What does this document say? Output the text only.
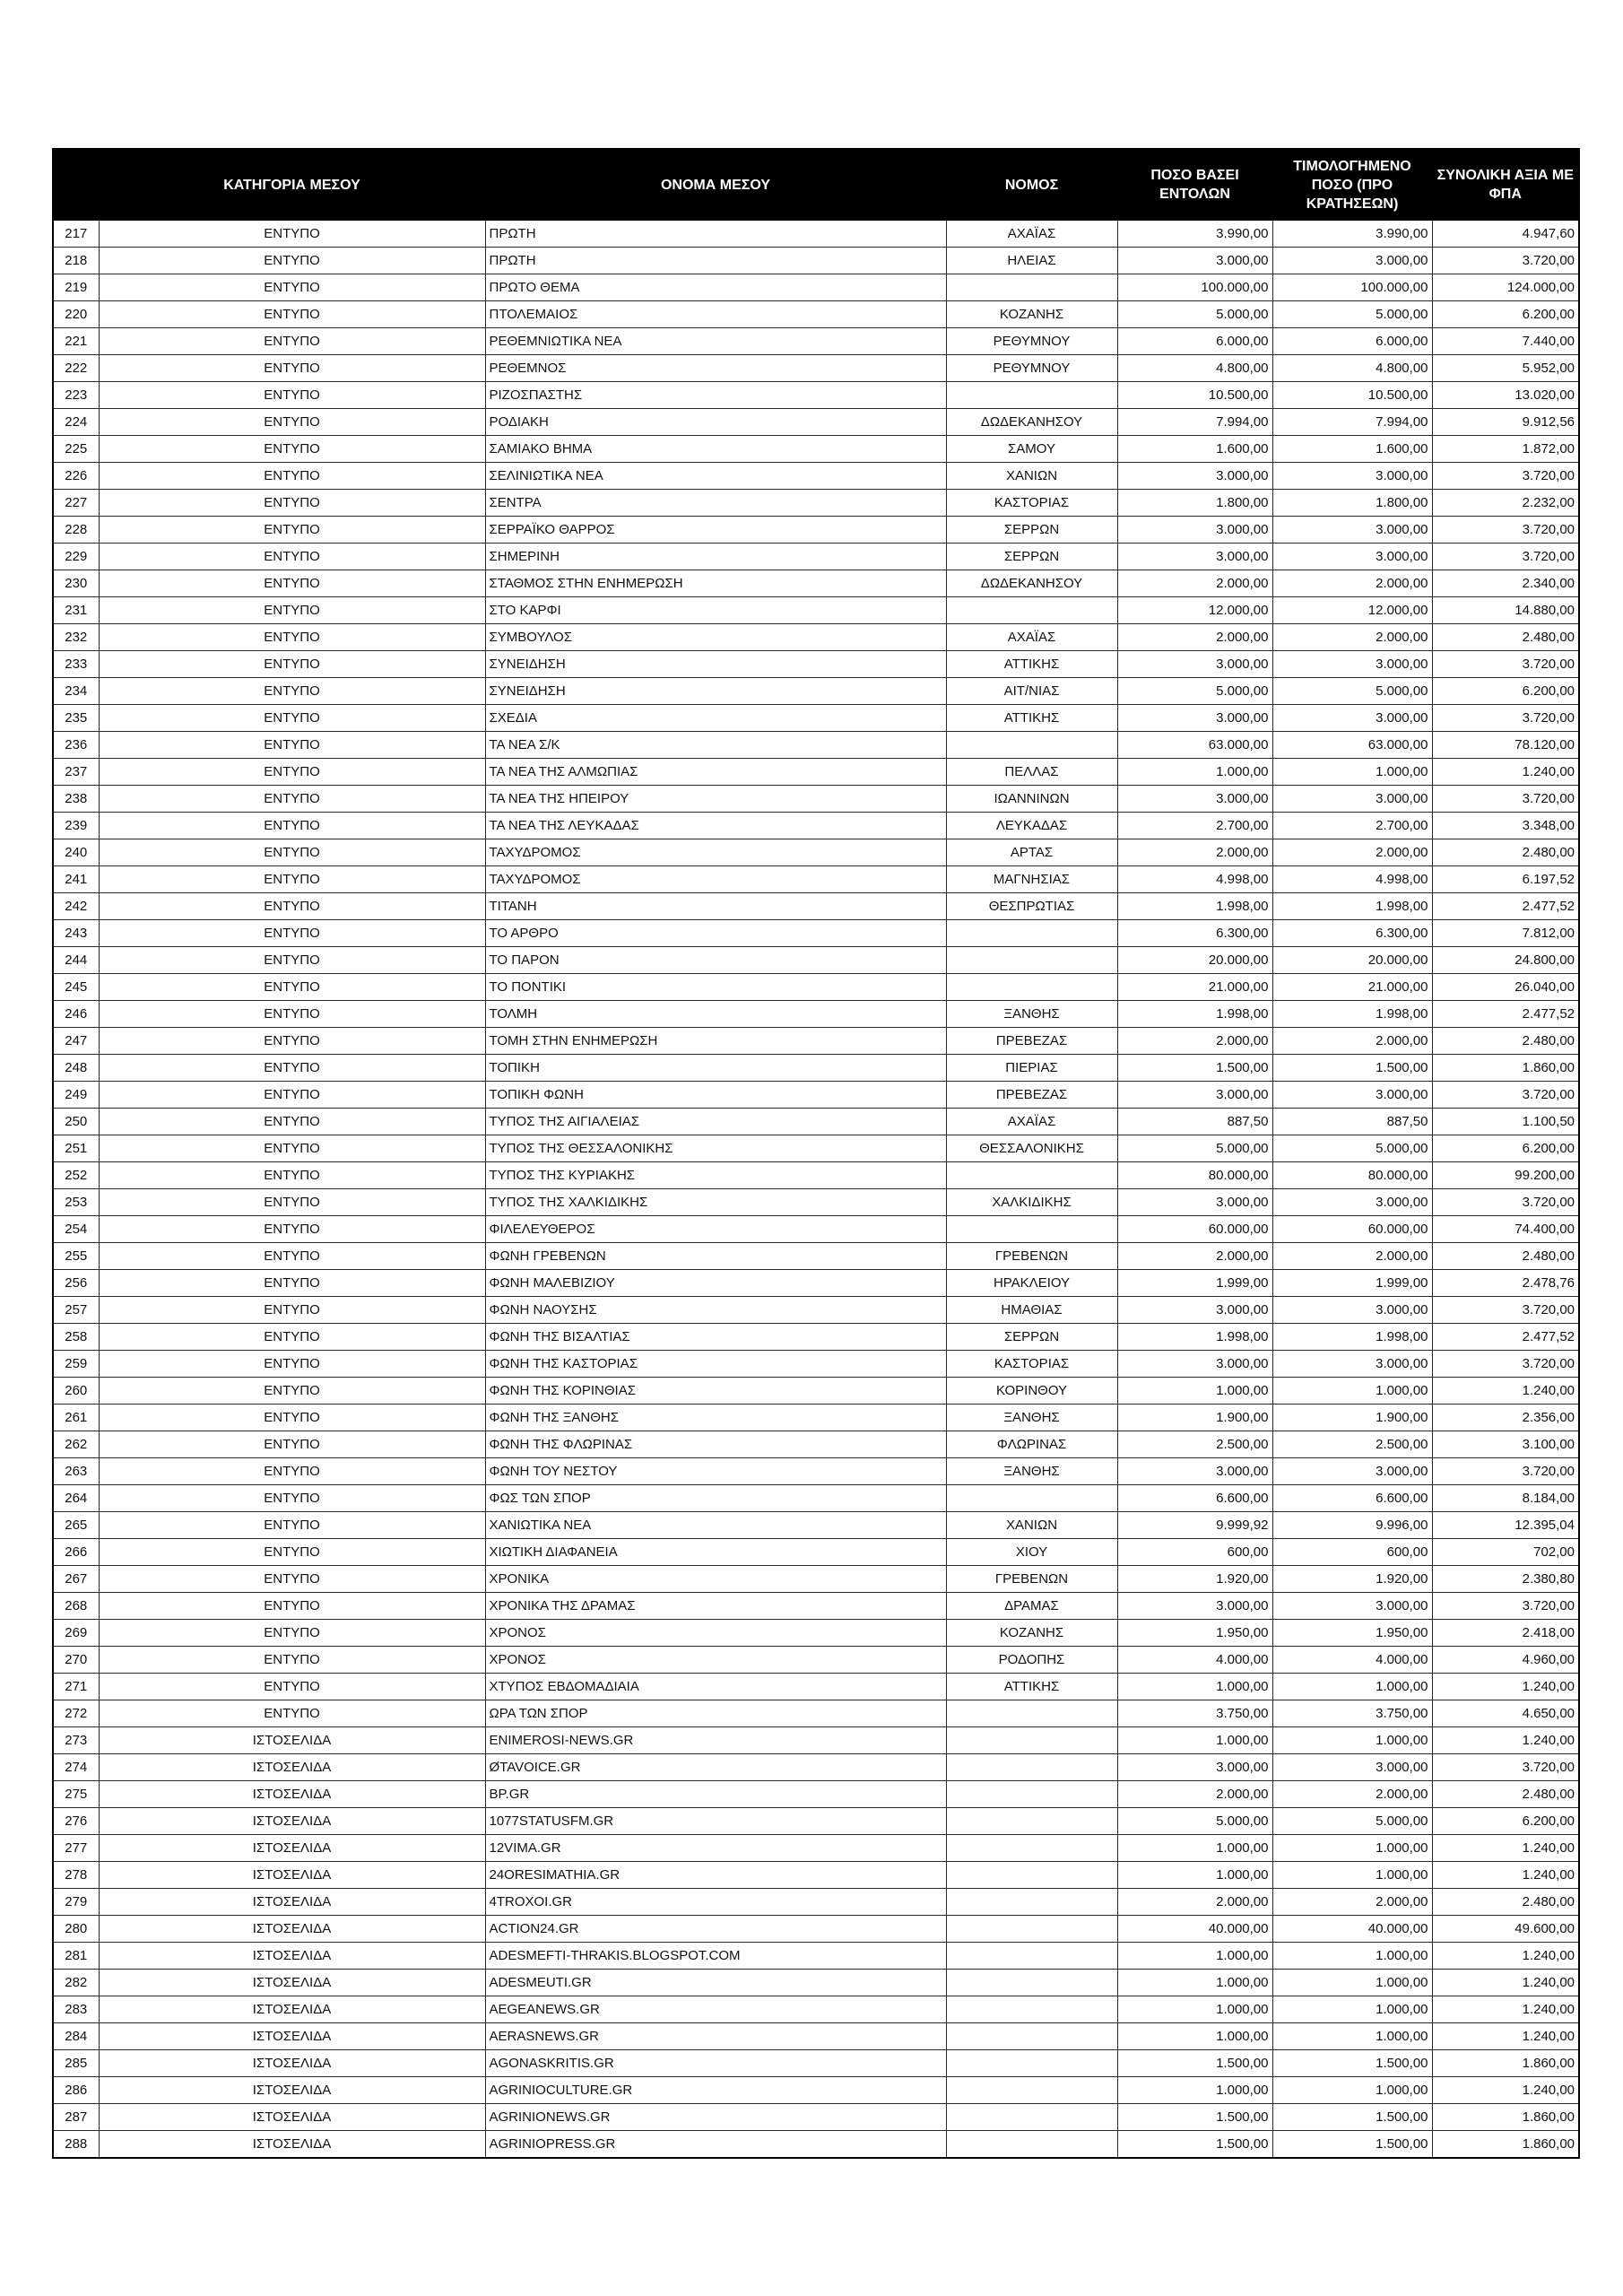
	ΚΑΤΗΓΟΡΙΑ ΜΕΣΟΥ	ΟΝΟΜΑ ΜΕΣΟΥ	ΝΟΜΟΣ	ΠΟΣΟ ΒΑΣΕΙ ΕΝΤΟΛΩΝ	ΤΙΜΟΛΟΓΗΜΕΝΟ ΠΟΣΟ (ΠΡΟ ΚΡΑΤΗΣΕΩΝ)	ΣΥΝΟΛΙΚΗ ΑΞΙΑ ΜΕ ΦΠΑ
217	ΕΝΤΥΠΟ	ΠΡΩΤΗ	ΑΧΑΪΑΣ	3.990,00	3.990,00	4.947,60
218	ΕΝΤΥΠΟ	ΠΡΩΤΗ	ΗΛΕΙΑΣ	3.000,00	3.000,00	3.720,00
219	ΕΝΤΥΠΟ	ΠΡΩΤΟ ΘΕΜΑ		100.000,00	100.000,00	124.000,00
220	ΕΝΤΥΠΟ	ΠΤΟΛΕΜΑΙΟΣ	ΚΟΖΑΝΗΣ	5.000,00	5.000,00	6.200,00
221	ΕΝΤΥΠΟ	ΡΕΘΕΜΝΙΩΤΙΚΑ ΝΕΑ	ΡΕΘΥΜΝΟΥ	6.000,00	6.000,00	7.440,00
222	ΕΝΤΥΠΟ	ΡΕΘΕΜΝΟΣ	ΡΕΘΥΜΝΟΥ	4.800,00	4.800,00	5.952,00
223	ΕΝΤΥΠΟ	ΡΙΖΟΣΠΑΣΤΗΣ		10.500,00	10.500,00	13.020,00
224	ΕΝΤΥΠΟ	ΡΟΔΙΑΚΗ	ΔΩΔΕΚΑΝΗΣΟΥ	7.994,00	7.994,00	9.912,56
225	ΕΝΤΥΠΟ	ΣΑΜΙΑΚΟ ΒΗΜΑ	ΣΑΜΟΥ	1.600,00	1.600,00	1.872,00
226	ΕΝΤΥΠΟ	ΣΕΛΙΝΙΩΤΙΚΑ ΝΕΑ	ΧΑΝΙΩΝ	3.000,00	3.000,00	3.720,00
227	ΕΝΤΥΠΟ	ΣΕΝΤΡΑ	ΚΑΣΤΟΡΙΑΣ	1.800,00	1.800,00	2.232,00
228	ΕΝΤΥΠΟ	ΣΕΡΡΑΪΚΟ ΘΑΡΡΟΣ	ΣΕΡΡΩΝ	3.000,00	3.000,00	3.720,00
229	ΕΝΤΥΠΟ	ΣΗΜΕΡΙΝΗ	ΣΕΡΡΩΝ	3.000,00	3.000,00	3.720,00
230	ΕΝΤΥΠΟ	ΣΤΑΘΜΟΣ ΣΤΗΝ ΕΝΗΜΕΡΩΣΗ	ΔΩΔΕΚΑΝΗΣΟΥ	2.000,00	2.000,00	2.340,00
231	ΕΝΤΥΠΟ	ΣΤΟ ΚΑΡΦΙ		12.000,00	12.000,00	14.880,00
232	ΕΝΤΥΠΟ	ΣΥΜΒΟΥΛΟΣ	ΑΧΑΪΑΣ	2.000,00	2.000,00	2.480,00
233	ΕΝΤΥΠΟ	ΣΥΝΕΙΔΗΣΗ	ΑΤΤΙΚΗΣ	3.000,00	3.000,00	3.720,00
234	ΕΝΤΥΠΟ	ΣΥΝΕΙΔΗΣΗ	ΑΙΤ/ΝΙΑΣ	5.000,00	5.000,00	6.200,00
235	ΕΝΤΥΠΟ	ΣΧΕΔΙΑ	ΑΤΤΙΚΗΣ	3.000,00	3.000,00	3.720,00
236	ΕΝΤΥΠΟ	ΤΑ ΝΕΑ Σ/Κ		63.000,00	63.000,00	78.120,00
237	ΕΝΤΥΠΟ	ΤΑ ΝΕΑ ΤΗΣ ΑΛΜΩΠΙΑΣ	ΠΕΛΛΑΣ	1.000,00	1.000,00	1.240,00
238	ΕΝΤΥΠΟ	ΤΑ ΝΕΑ ΤΗΣ ΗΠΕΙΡΟΥ	ΙΩΑΝΝΙΝΩΝ	3.000,00	3.000,00	3.720,00
239	ΕΝΤΥΠΟ	ΤΑ ΝΕΑ ΤΗΣ ΛΕΥΚΑΔΑΣ	ΛΕΥΚΑΔΑΣ	2.700,00	2.700,00	3.348,00
240	ΕΝΤΥΠΟ	ΤΑΧΥΔΡΟΜΟΣ	ΑΡΤΑΣ	2.000,00	2.000,00	2.480,00
241	ΕΝΤΥΠΟ	ΤΑΧΥΔΡΟΜΟΣ	ΜΑΓΝΗΣΙΑΣ	4.998,00	4.998,00	6.197,52
242	ΕΝΤΥΠΟ	ΤΙΤΑΝΗ	ΘΕΣΠΡΩΤΙΑΣ	1.998,00	1.998,00	2.477,52
243	ΕΝΤΥΠΟ	ΤΟ ΑΡΘΡΟ		6.300,00	6.300,00	7.812,00
244	ΕΝΤΥΠΟ	ΤΟ ΠΑΡΟΝ		20.000,00	20.000,00	24.800,00
245	ΕΝΤΥΠΟ	ΤΟ ΠΟΝΤΙΚΙ		21.000,00	21.000,00	26.040,00
246	ΕΝΤΥΠΟ	ΤΟΛΜΗ	ΞΑΝΘΗΣ	1.998,00	1.998,00	2.477,52
247	ΕΝΤΥΠΟ	ΤΟΜΗ ΣΤΗΝ ΕΝΗΜΕΡΩΣΗ	ΠΡΕΒΕΖΑΣ	2.000,00	2.000,00	2.480,00
248	ΕΝΤΥΠΟ	ΤΟΠΙΚΗ	ΠΙΕΡΙΑΣ	1.500,00	1.500,00	1.860,00
249	ΕΝΤΥΠΟ	ΤΟΠΙΚΗ ΦΩΝΗ	ΠΡΕΒΕΖΑΣ	3.000,00	3.000,00	3.720,00
250	ΕΝΤΥΠΟ	ΤΥΠΟΣ ΤΗΣ ΑΙΓΙΑΛΕΙΑΣ	ΑΧΑΪΑΣ	887,50	887,50	1.100,50
251	ΕΝΤΥΠΟ	ΤΥΠΟΣ ΤΗΣ ΘΕΣΣΑΛΟΝΙΚΗΣ	ΘΕΣΣΑΛΟΝΙΚΗΣ	5.000,00	5.000,00	6.200,00
252	ΕΝΤΥΠΟ	ΤΥΠΟΣ ΤΗΣ ΚΥΡΙΑΚΗΣ		80.000,00	80.000,00	99.200,00
253	ΕΝΤΥΠΟ	ΤΥΠΟΣ ΤΗΣ ΧΑΛΚΙΔΙΚΗΣ	ΧΑΛΚΙΔΙΚΗΣ	3.000,00	3.000,00	3.720,00
254	ΕΝΤΥΠΟ	ΦΙΛΕΛΕΥΘΕΡΟΣ		60.000,00	60.000,00	74.400,00
255	ΕΝΤΥΠΟ	ΦΩΝΗ ΓΡΕΒΕΝΩΝ	ΓΡΕΒΕΝΩΝ	2.000,00	2.000,00	2.480,00
256	ΕΝΤΥΠΟ	ΦΩΝΗ ΜΑΛΕΒΙΖΙΟΥ	ΗΡΑΚΛΕΙΟΥ	1.999,00	1.999,00	2.478,76
257	ΕΝΤΥΠΟ	ΦΩΝΗ ΝΑΟΥΣΗΣ	ΗΜΑΘΙΑΣ	3.000,00	3.000,00	3.720,00
258	ΕΝΤΥΠΟ	ΦΩΝΗ ΤΗΣ ΒΙΣΑΛΤΙΑΣ	ΣΕΡΡΩΝ	1.998,00	1.998,00	2.477,52
259	ΕΝΤΥΠΟ	ΦΩΝΗ ΤΗΣ ΚΑΣΤΟΡΙΑΣ	ΚΑΣΤΟΡΙΑΣ	3.000,00	3.000,00	3.720,00
260	ΕΝΤΥΠΟ	ΦΩΝΗ ΤΗΣ ΚΟΡΙΝΘΙΑΣ	ΚΟΡΙΝΘΟΥ	1.000,00	1.000,00	1.240,00
261	ΕΝΤΥΠΟ	ΦΩΝΗ ΤΗΣ ΞΑΝΘΗΣ	ΞΑΝΘΗΣ	1.900,00	1.900,00	2.356,00
262	ΕΝΤΥΠΟ	ΦΩΝΗ ΤΗΣ ΦΛΩΡΙΝΑΣ	ΦΛΩΡΙΝΑΣ	2.500,00	2.500,00	3.100,00
263	ΕΝΤΥΠΟ	ΦΩΝΗ ΤΟΥ ΝΕΣΤΟΥ	ΞΑΝΘΗΣ	3.000,00	3.000,00	3.720,00
264	ΕΝΤΥΠΟ	ΦΩΣ ΤΩΝ ΣΠΟΡ		6.600,00	6.600,00	8.184,00
265	ΕΝΤΥΠΟ	ΧΑΝΙΩΤΙΚΑ ΝΕΑ	ΧΑΝΙΩΝ	9.999,92	9.996,00	12.395,04
266	ΕΝΤΥΠΟ	ΧΙΩΤΙΚΗ ΔΙΑΦΑΝΕΙΑ	ΧΙΟΥ	600,00	600,00	702,00
267	ΕΝΤΥΠΟ	ΧΡΟΝΙΚΑ	ΓΡΕΒΕΝΩΝ	1.920,00	1.920,00	2.380,80
268	ΕΝΤΥΠΟ	ΧΡΟΝΙΚΑ ΤΗΣ ΔΡΑΜΑΣ	ΔΡΑΜΑΣ	3.000,00	3.000,00	3.720,00
269	ΕΝΤΥΠΟ	ΧΡΟΝΟΣ	ΚΟΖΑΝΗΣ	1.950,00	1.950,00	2.418,00
270	ΕΝΤΥΠΟ	ΧΡΟΝΟΣ	ΡΟΔΟΠΗΣ	4.000,00	4.000,00	4.960,00
271	ΕΝΤΥΠΟ	ΧΤΥΠΟΣ ΕΒΔΟΜΑΔΙΑΙΑ	ΑΤΤΙΚΗΣ	1.000,00	1.000,00	1.240,00
272	ΕΝΤΥΠΟ	ΩΡΑ ΤΩΝ ΣΠΟΡ		3.750,00	3.750,00	4.650,00
273	ΙΣΤΟΣΕΛΙΔΑ	ENIMEROSI-NEWS.GR		1.000,00	1.000,00	1.240,00
274	ΙΣΤΟΣΕΛΙΔΑ	ØTAVOICE.GR		3.000,00	3.000,00	3.720,00
275	ΙΣΤΟΣΕΛΙΔΑ	BP.GR		2.000,00	2.000,00	2.480,00
276	ΙΣΤΟΣΕΛΙΔΑ	1077STATUSFM.GR		5.000,00	5.000,00	6.200,00
277	ΙΣΤΟΣΕΛΙΔΑ	12VIMA.GR		1.000,00	1.000,00	1.240,00
278	ΙΣΤΟΣΕΛΙΔΑ	24ORESIMATHIA.GR		1.000,00	1.000,00	1.240,00
279	ΙΣΤΟΣΕΛΙΔΑ	4TROXOI.GR		2.000,00	2.000,00	2.480,00
280	ΙΣΤΟΣΕΛΙΔΑ	ACTION24.GR		40.000,00	40.000,00	49.600,00
281	ΙΣΤΟΣΕΛΙΔΑ	ADESMEFTI-THRAKIS.BLOGSPOT.COM		1.000,00	1.000,00	1.240,00
282	ΙΣΤΟΣΕΛΙΔΑ	ADESMEUTI.GR		1.000,00	1.000,00	1.240,00
283	ΙΣΤΟΣΕΛΙΔΑ	AEGEANEWS.GR		1.000,00	1.000,00	1.240,00
284	ΙΣΤΟΣΕΛΙΔΑ	AERASNEWS.GR		1.000,00	1.000,00	1.240,00
285	ΙΣΤΟΣΕΛΙΔΑ	AGONASKRITIS.GR		1.500,00	1.500,00	1.860,00
286	ΙΣΤΟΣΕΛΙΔΑ	AGRINIOCULTURE.GR		1.000,00	1.000,00	1.240,00
287	ΙΣΤΟΣΕΛΙΔΑ	AGRINIONEWS.GR		1.500,00	1.500,00	1.860,00
288	ΙΣΤΟΣΕΛΙΔΑ	AGRINIOPRESS.GR		1.500,00	1.500,00	1.860,00
